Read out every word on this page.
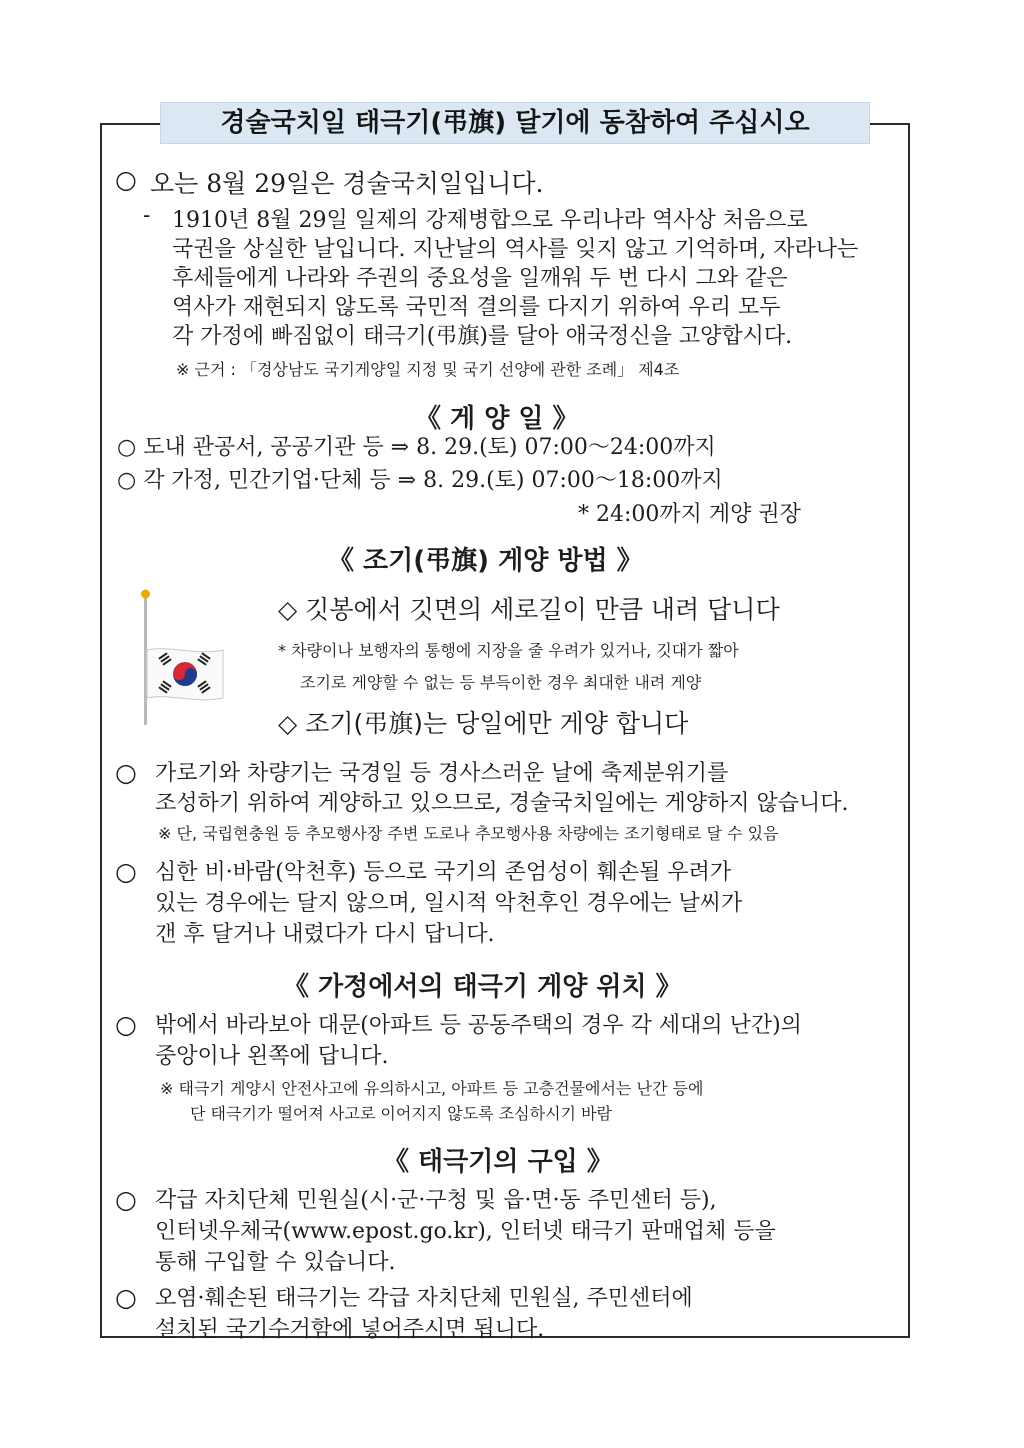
경술국치일 태극기(弔旗) 달기에 동참하여 주십시오
○ 오는 8월 29일은 경술국치일입니다.
- 1910년 8월 29일 일제의 강제병합으로 우리나라 역사상 처음으로
국권을 상실한 날입니다. 지난날의 역사를 잊지 않고 기억하며, 자라나는
후세들에게 나라와 주권의 중요성을 일깨워 두 번 다시 그와 같은
역사가 재현되지 않도록 국민적 결의를 다지기 위하여 우리 모두
각 가정에 빠짐없이 태극기(弔旗)를 달아 애국정신을 고양합시다.
※ 근거 : 「경상남도 국기게양일 지정 및 국기 선양에 관한 조례」 제4조
《 게 양 일 》
○ 도내 관공서, 공공기관 등 ⇒ 8. 29.(토) 07:00～24:00까지
○ 각 가정, 민간기업·단체 등 ⇒ 8. 29.(토) 07:00～18:00까지
* 24:00까지 게양 권장
《 조기(弔旗) 게양 방법 》
◇ 깃봉에서 깃면의 세로길이 만큼 내려 답니다
* 차량이나 보행자의 통행에 지장을 줄 우려가 있거나, 깃대가 짧아
조기로 게양할 수 없는 등 부득이한 경우 최대한 내려 게양
◇ 조기(弔旗)는 당일에만 게양 합니다
○ 가로기와 차량기는 국경일 등 경사스러운 날에 축제분위기를
조성하기 위하여 게양하고 있으므로, 경술국치일에는 게양하지 않습니다.
※ 단, 국립현충원 등 추모행사장 주변 도로나 추모행사용 차량에는 조기형태로 달 수 있음
○ 심한 비·바람(악천후) 등으로 국기의 존엄성이 훼손될 우려가
있는 경우에는 달지 않으며, 일시적 악천후인 경우에는 날씨가
갠 후 달거나 내렸다가 다시 답니다.
《 가정에서의 태극기 게양 위치 》
○ 밖에서 바라보아 대문(아파트 등 공동주택의 경우 각 세대의 난간)의
중앙이나 왼쪽에 답니다.
※ 태극기 게양시 안전사고에 유의하시고, 아파트 등 고층건물에서는 난간 등에
단 태극기가 떨어져 사고로 이어지지 않도록 조심하시기 바람
《 태극기의 구입 》
○ 각급 자치단체 민원실(시·군·구청 및 읍·면·동 주민센터 등),
인터넷우체국(www.epost.go.kr), 인터넷 태극기 판매업체 등을
통해 구입할 수 있습니다.
○ 오염·훼손된 태극기는 각급 자치단체 민원실, 주민센터에
설치된 국기수거함에 넣어주시면 됩니다.
